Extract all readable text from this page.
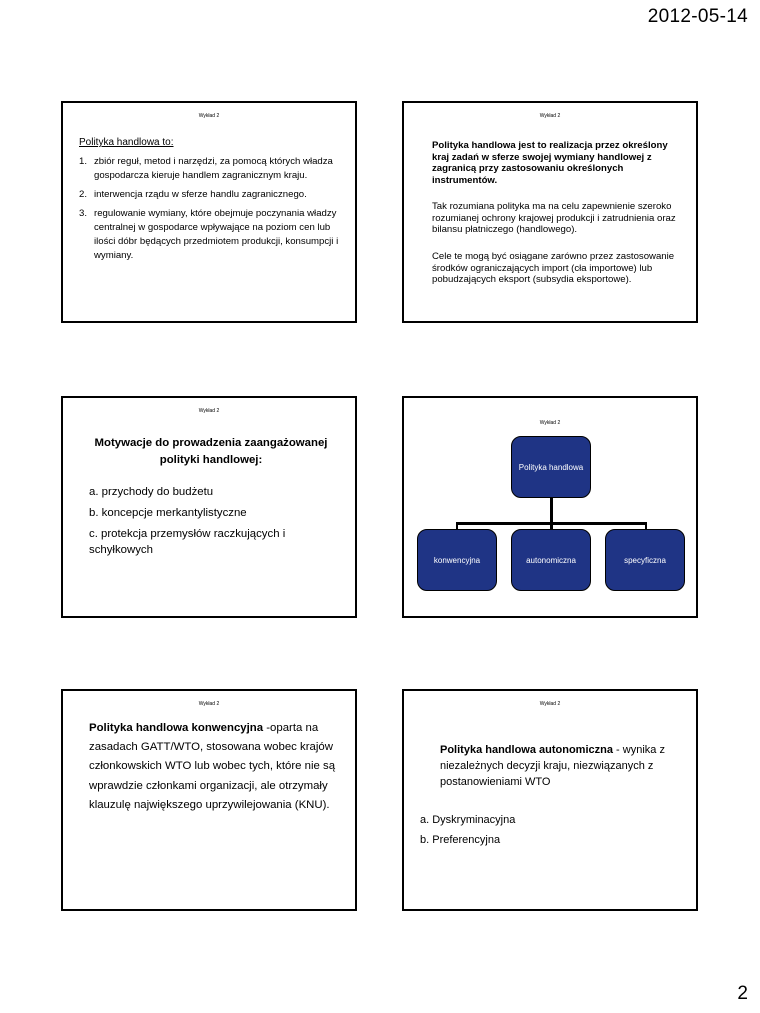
2012-05-14
Wykład 2
Polityka handlowa to:
1. zbiór reguł, metod i narzędzi, za pomocą których władza gospodarcza kieruje handlem zagranicznym kraju.
2. interwencja rządu w sferze handlu zagranicznego.
3. regulowanie wymiany, które obejmuje poczynania władzy centralnej w gospodarce wpływające na poziom cen lub ilości dóbr będących przedmiotem produkcji, konsumpcji i wymiany.
Wykład 2

Polityka handlowa jest to realizacja przez określony kraj zadań w sferze swojej wymiany handlowej z zagranicą przy zastosowaniu określonych instrumentów.

Tak rozumiana polityka ma na celu zapewnienie szeroko rozumianej ochrony krajowej produkcji i zatrudnienia oraz bilansu płatniczego (handlowego).

Cele te mogą być osiągane zarówno przez zastosowanie środków ograniczających import (cła importowe) lub pobudzających eksport (subsydia eksportowe).

Wykład 2
Motywacje do prowadzenia zaangażowanej polityki handlowej:
a. przychody do budżetu
b. koncepcje merkantylistyczne
c. protekcja przemysłów raczkujących i schyłkowych
Wykład 2
Polityka handlowa
konwencyjna	autonomiczna	specyficzna
Wykład 2

Polityka handlowa konwencyjna -oparta na zasadach GATT/WTO, stosowana wobec krajów członkowskich WTO lub wobec tych, które nie są wprawdzie członkami organizacji, ale otrzymały klauzulę największego uprzywilejowania (KNU).

Wykład 2

Polityka handlowa autonomiczna - wynika z niezależnych decyzji kraju, niezwiązanych z postanowieniami WTO

a. Dyskryminacyjna
b. Preferencyjna
2
